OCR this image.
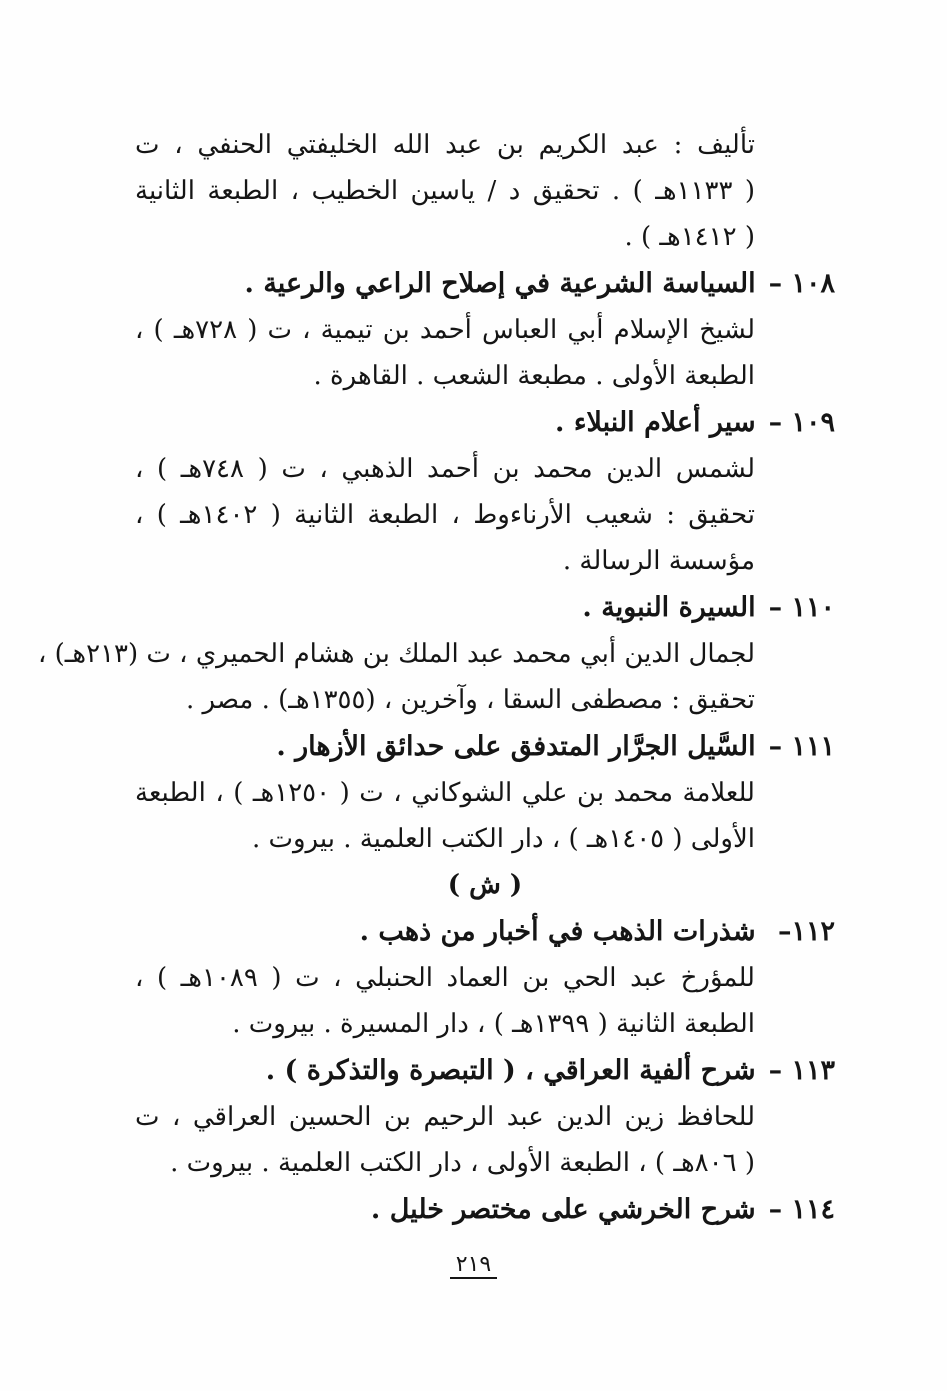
تأليف : عبد الكريم بن عبد الله الخليفتي الحنفي ، ت
( ١١٣٣هـ ) . تحقيق د / ياسين الخطيب ، الطبعة الثانية
( ١٤١٢هـ ) .
١٠٨ – السياسة الشرعية في إصلاح الراعي والرعية .
لشيخ الإسلام أبي العباس أحمد بن تيمية ، ت ( ٧٢٨هـ ) ،
الطبعة الأولى . مطبعة الشعب . القاهرة .
١٠٩ – سير أعلام النبلاء .
لشمس الدين محمد بن أحمد الذهبي ، ت ( ٧٤٨هـ ) ،
تحقيق : شعيب الأرناءوط ، الطبعة الثانية ( ١٤٠٢هـ ) ،
مؤسسة الرسالة .
١١٠ – السيرة النبوية .
لجمال الدين أبي محمد عبد الملك بن هشام الحميري ، ت (٢١٣هـ) ،
تحقيق : مصطفى السقا ، وآخرين ، (١٣٥٥هـ) . مصر .
١١١ – السَّيل الجرَّار المتدفق على حدائق الأزهار .
للعلامة محمد بن علي الشوكاني ، ت ( ١٢٥٠هـ ) ، الطبعة
الأولى ( ١٤٠٥هـ ) ، دار الكتب العلمية . بيروت .
( ش )
١١٢– شذرات الذهب في أخبار من ذهب .
للمؤرخ عبد الحي بن العماد الحنبلي ، ت ( ١٠٨٩هـ ) ،
الطبعة الثانية ( ١٣٩٩هـ ) ، دار المسيرة . بيروت .
١١٣ – شرح ألفية العراقي ، ( التبصرة والتذكرة ) .
للحافظ زين الدين عبد الرحيم بن الحسين العراقي ، ت
( ٨٠٦هـ ) ، الطبعة الأولى ، دار الكتب العلمية . بيروت .
١١٤ – شرح الخرشي على مختصر خليل .
٢١٩
